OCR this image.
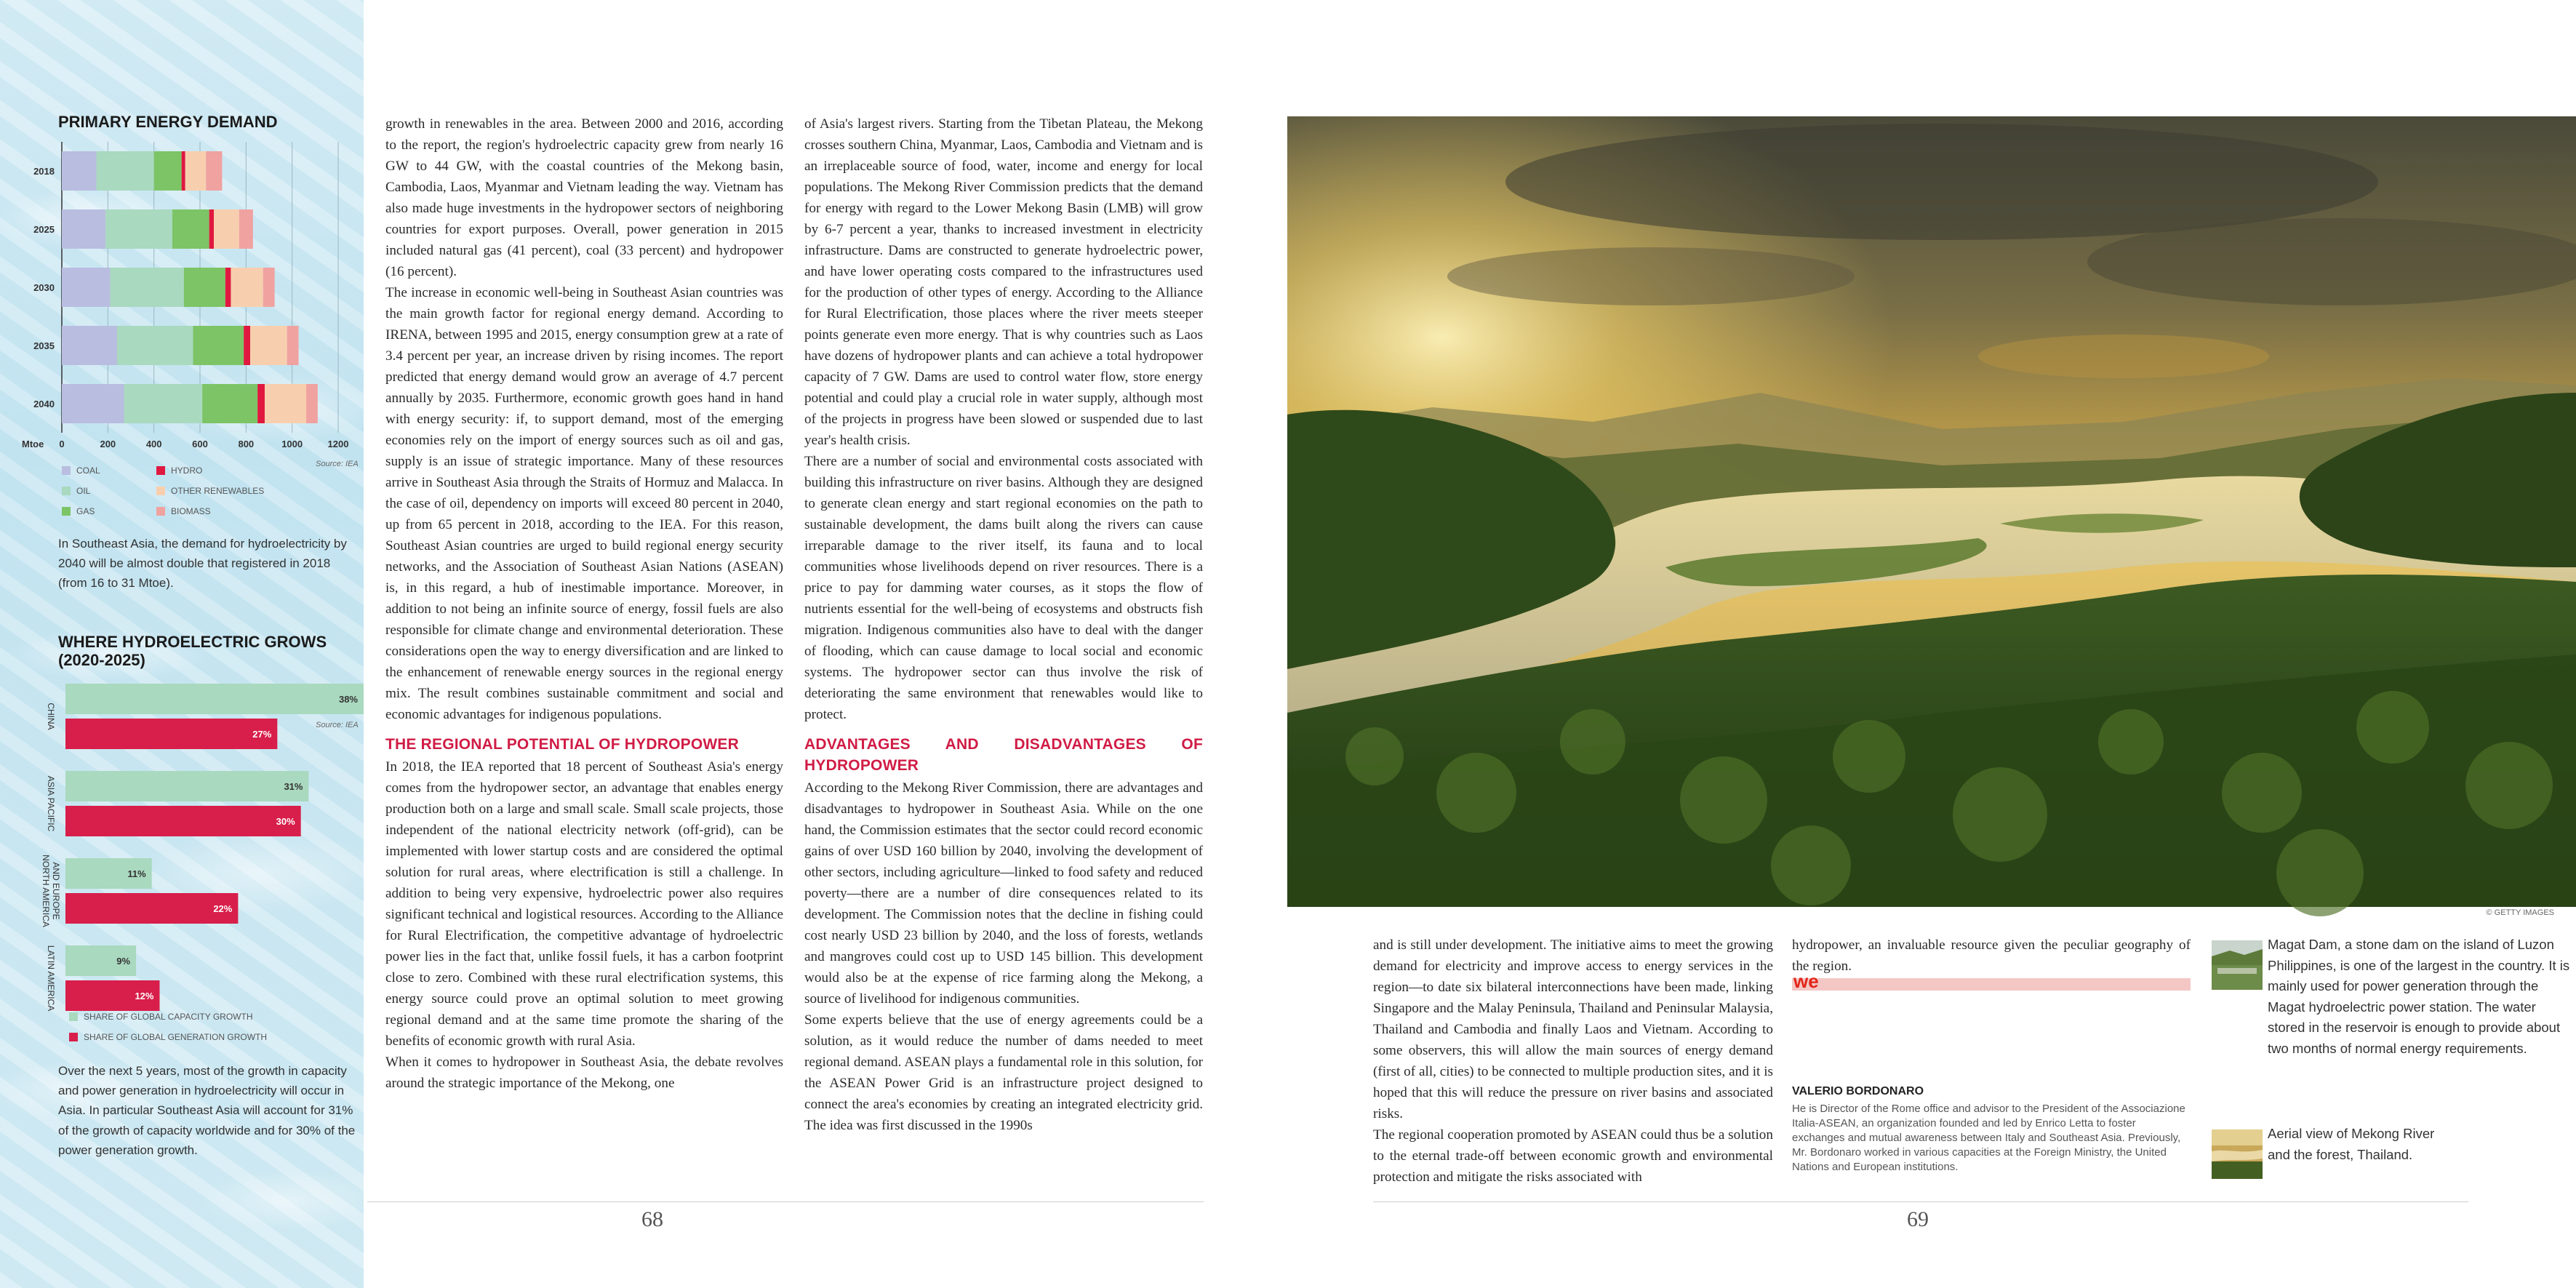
PRIMARY ENERGY DEMAND
0	200	400	600	800	1000	1200
Mtoe
2018
2025
2030
2035
2040
Source: IEA
COAL
OIL
GAS
HYDRO
OTHER RENEWABLES
BIOMASS
In Southeast Asia, the demand for hydroelectricity by 2040 will be almost double that registered in 2018 (from 16 to 31 Mtoe).
WHERE HYDROELECTRIC GROWS (2020-2025)
CHINA
38%
27%
ASIA PACIFIC	31%
30%
NORTH AMERICA AND EUROPE	11%
22%
LATIN AMERICA	9%
12%
Source: IEA
SHARE OF GLOBAL CAPACITY GROWTH
SHARE OF GLOBAL GENERATION GROWTH
Over the next 5 years, most of the growth in capacity and power generation in hydroelectricity will occur in Asia. In particular Southeast Asia will account for 31% of the growth of capacity worldwide and for 30% of the power generation growth.

growth in renewables in the area. Between 2000 and 2016, according to the report, the region's hydroelectric capacity grew from nearly 16 GW to 44 GW, with the coastal countries of the Mekong basin, Cambodia, Laos, Myanmar and Vietnam leading the way. Vietnam has also made huge investments in the hydropower sectors of neighboring countries for export purposes. Overall, power generation in 2015 included natural gas (41 percent), coal (33 percent) and hydropower (16 percent).

The increase in economic well-being in Southeast Asian countries was the main growth factor for regional energy demand. According to IRENA, between 1995 and 2015, energy consumption grew at a rate of 3.4 percent per year, an increase driven by rising incomes. The report predicted that energy demand would grow an average of 4.7 percent annually by 2035. Furthermore, economic growth goes hand in hand with energy security: if, to support demand, most of the emerging economies rely on the import of energy sources such as oil and gas, supply is an issue of strategic importance. Many of these resources arrive in Southeast Asia through the Straits of Hormuz and Malacca. In the case of oil, dependency on imports will exceed 80 percent in 2040, up from 65 percent in 2018, according to the IEA. For this reason, Southeast Asian countries are urged to build regional energy security networks, and the Association of Southeast Asian Nations (ASEAN) is, in this regard, a hub of inestimable importance. Moreover, in addition to not being an infinite source of energy, fossil fuels are also responsible for climate change and environmental deterioration. These considerations open the way to energy diversification and are linked to the enhancement of renewable energy sources in the regional energy mix. The result combines sustainable commitment and social and economic advantages for indigenous populations.

THE REGIONAL POTENTIAL OF HYDROPOWER

In 2018, the IEA reported that 18 percent of Southeast Asia's energy comes from the hydropower sector, an advantage that enables energy production both on a large and small scale. Small scale projects, those independent of the national electricity network (off-grid), can be implemented with lower startup costs and are considered the optimal solution for rural areas, where electrification is still a challenge. In addition to being very expensive, hydroelectric power also requires significant technical and logistical resources. According to the Alliance for Rural Electrification, the competitive advantage of hydroelectric power lies in the fact that, unlike fossil fuels, it has a carbon footprint close to zero. Combined with these rural electrification systems, this energy source could prove an optimal solution to meet growing regional demand and at the same time promote the sharing of the benefits of economic growth with rural Asia.

When it comes to hydropower in Southeast Asia, the debate revolves around the strategic importance of the Mekong, one

of Asia's largest rivers. Starting from the Tibetan Plateau, the Mekong crosses southern China, Myanmar, Laos, Cambodia and Vietnam and is an irreplaceable source of food, water, income and energy for local populations. The Mekong River Commission predicts that the demand for energy with regard to the Lower Mekong Basin (LMB) will grow by 6-7 percent a year, thanks to increased investment in electricity infrastructure. Dams are constructed to generate hydroelectric power, and have lower operating costs compared to the infrastructures used for the production of other types of energy. According to the Alliance for Rural Electrification, those places where the river meets steeper points generate even more energy. That is why countries such as Laos have dozens of hydropower plants and can achieve a total hydropower capacity of 7 GW. Dams are used to control water flow, store energy potential and could play a crucial role in water supply, although most of the projects in progress have been slowed or suspended due to last year's health crisis.

There are a number of social and environmental costs associated with building this infrastructure on river basins. Although they are designed to generate clean energy and start regional economies on the path to sustainable development, the dams built along the rivers can cause irreparable damage to the river itself, its fauna and to local communities whose livelihoods depend on river resources. There is a price to pay for damming water courses, as it stops the flow of nutrients essential for the well-being of ecosystems and obstructs fish migration. Indigenous communities also have to deal with the danger of flooding, which can cause damage to local social and economic systems. The hydropower sector can thus involve the risk of deteriorating the same environment that renewables would like to protect.

ADVANTAGES AND DISADVANTAGES OF HYDROPOWER

According to the Mekong River Commission, there are advantages and disadvantages to hydropower in Southeast Asia. While on the one hand, the Commission estimates that the sector could record economic gains of over USD 160 billion by 2040, involving the development of other sectors, including agriculture—linked to food safety and reduced poverty—there are a number of dire consequences related to its development. The Commission notes that the decline in fishing could cost nearly USD 23 billion by 2040, and the loss of forests, wetlands and mangroves could cost up to USD 145 billion. This development would also be at the expense of rice farming along the Mekong, a source of livelihood for indigenous communities.

Some experts believe that the use of energy agreements could be a solution, as it would reduce the number of dams needed to meet regional demand. ASEAN plays a fundamental role in this solution, for the ASEAN Power Grid is an infrastructure project designed to connect the area's economies by creating an integrated electricity grid. The idea was first discussed in the 1990s

68
© GETTY IMAGES

and is still under development. The initiative aims to meet the growing demand for electricity and improve access to energy services in the region—to date six bilateral interconnections have been made, linking Singapore and the Malay Peninsula, Thailand and Peninsular Malaysia, Thailand and Cambodia and finally Laos and Vietnam. According to some observers, this will allow the main sources of energy demand (first of all, cities) to be connected to multiple production sites, and it is hoped that this will reduce the pressure on river basins and associated risks.

The regional cooperation promoted by ASEAN could thus be a solution to the eternal trade-off between economic growth and environmental protection and mitigate the risks associated with

hydropower, an invaluable resource given the peculiar geography of the region.

we
VALERIO BORDONARO
He is Director of the Rome office and advisor to the President of the Associazione Italia-ASEAN, an organization founded and led by Enrico Letta to foster exchanges and mutual awareness between Italy and Southeast Asia. Previously, Mr. Bordonaro worked in various capacities at the Foreign Ministry, the United Nations and European institutions.
Magat Dam, a stone dam on the island of Luzon Philippines, is one of the largest in the country. It is mainly used for power generation through the Magat hydroelectric power station. The water stored in the reservoir is enough to provide about two months of normal energy requirements.
Aerial view of Mekong River and the forest, Thailand.
69
